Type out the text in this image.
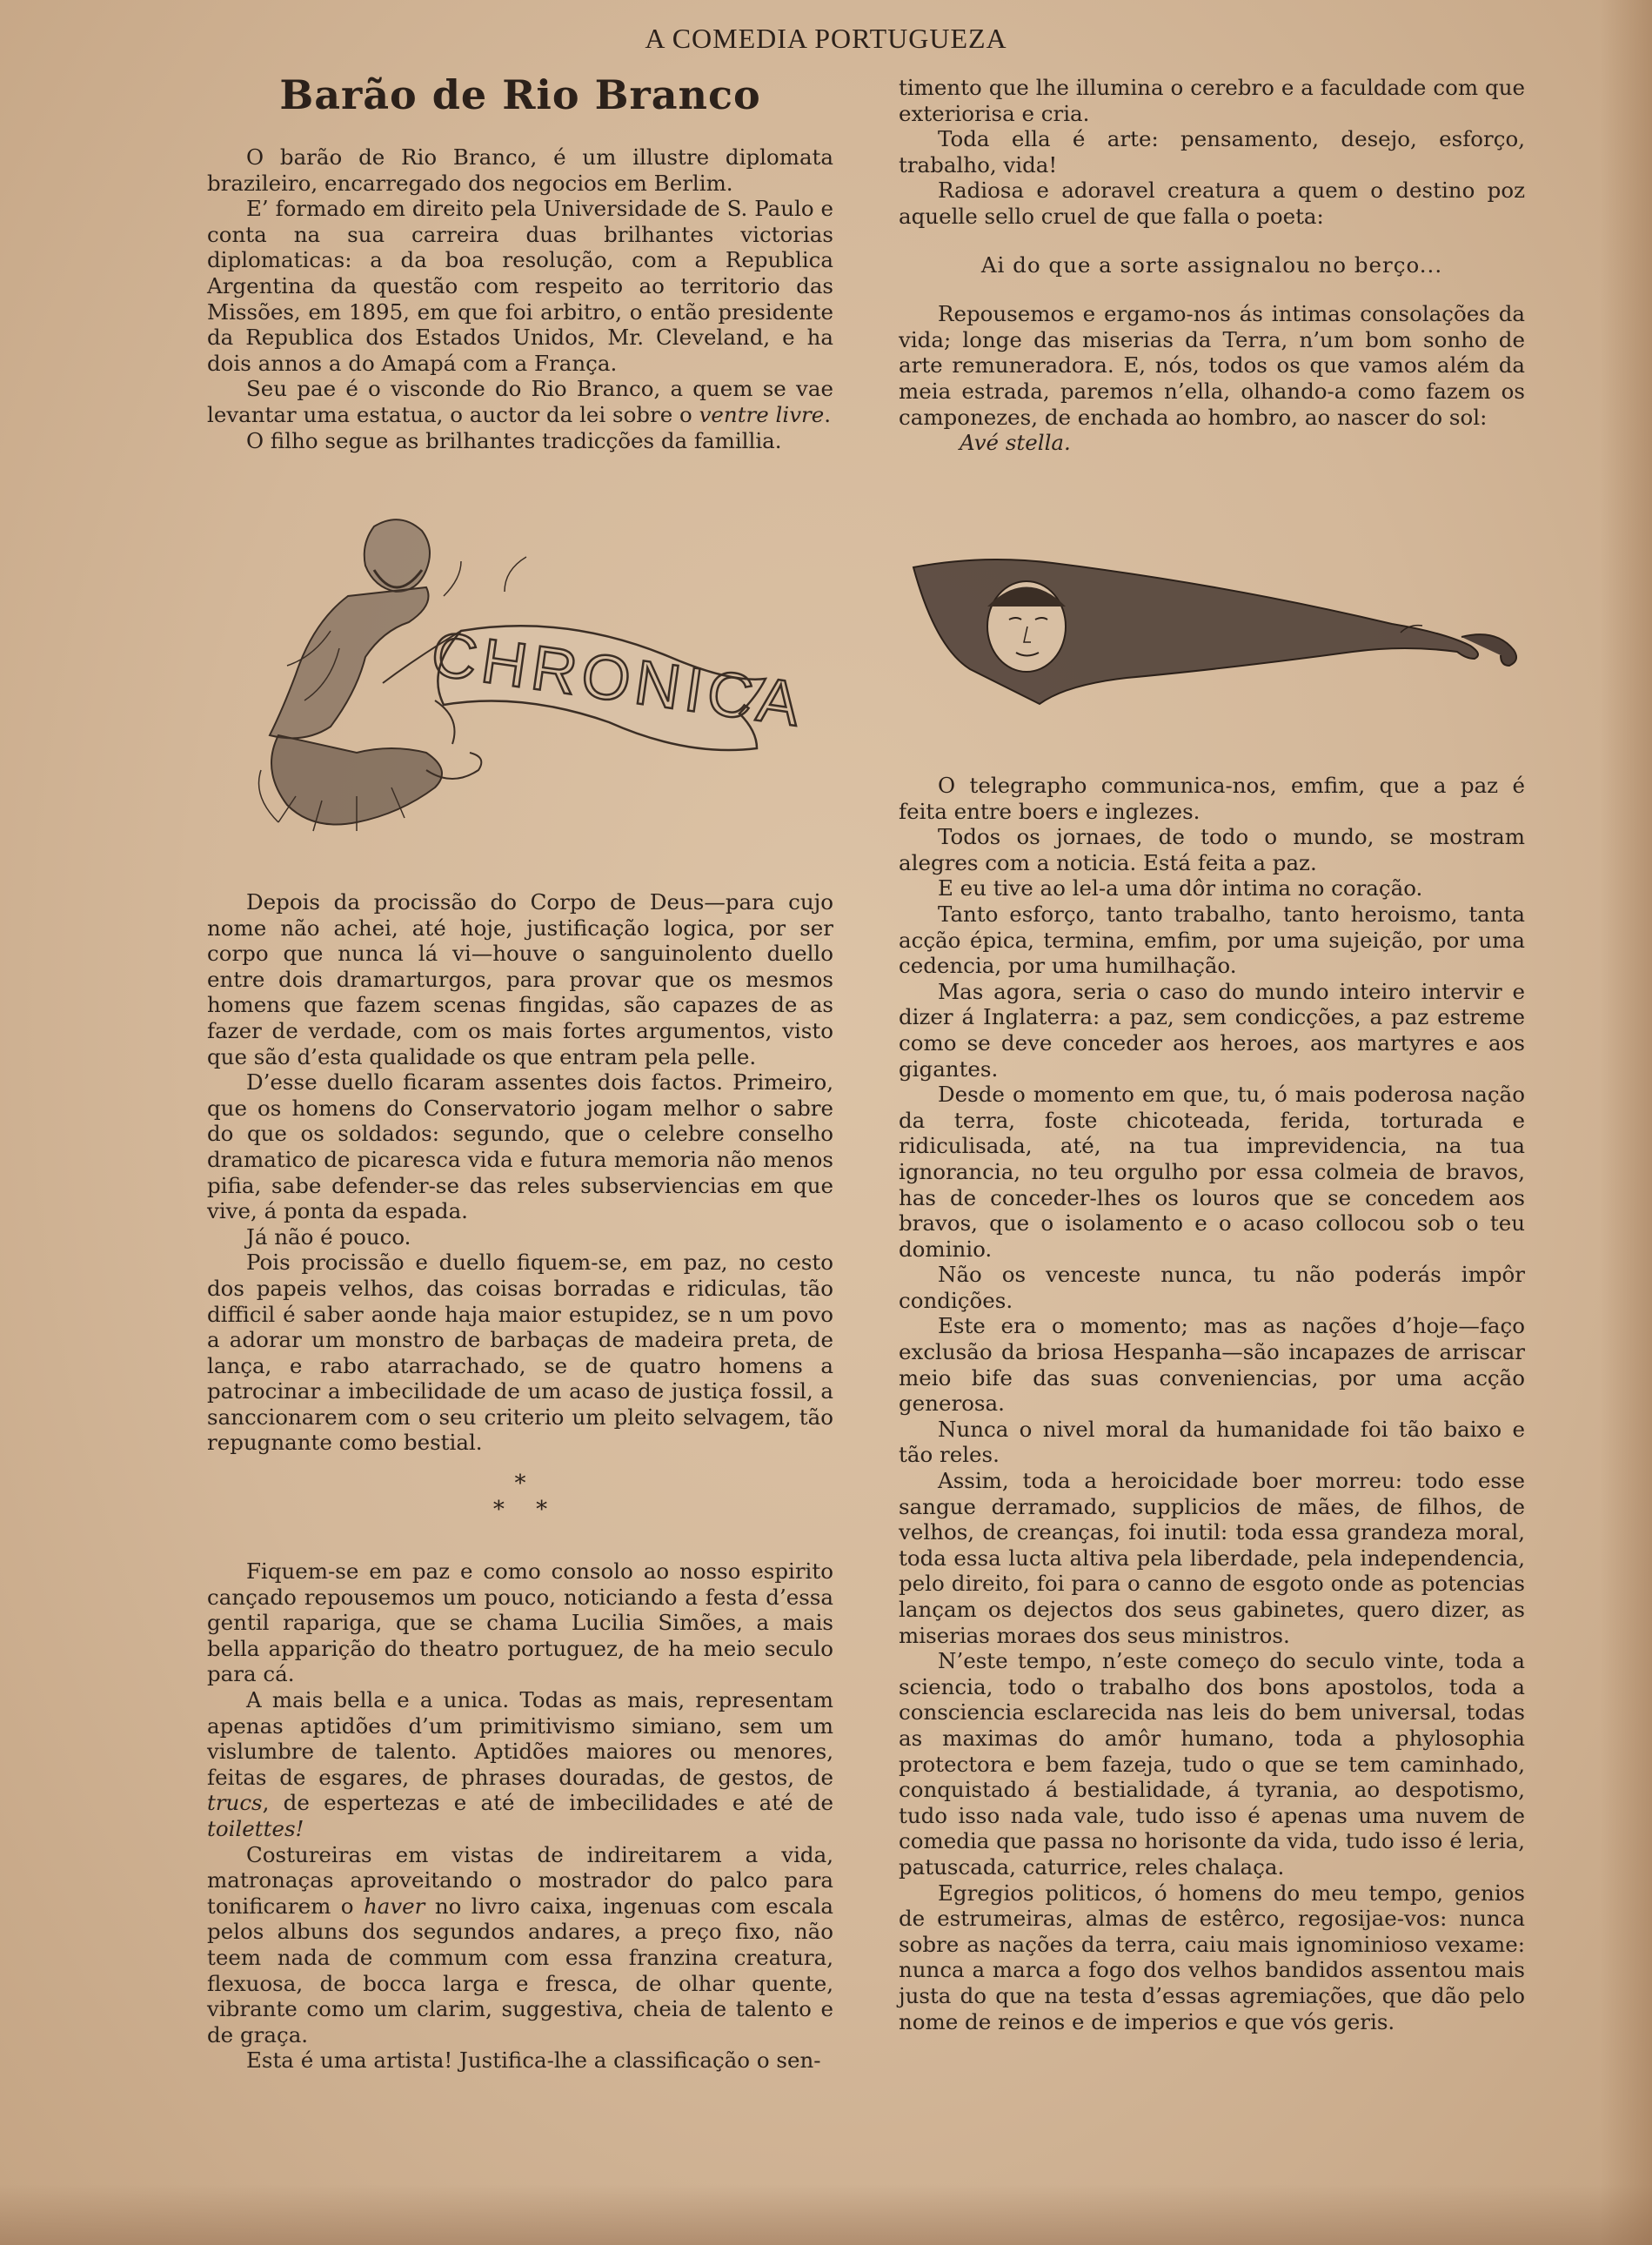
A COMEDIA PORTUGUEZA
Barão de Rio Branco

O barão de Rio Branco, é um illustre diplomata brazileiro, encarregado dos negocios em Berlim.

E’ formado em direito pela Universidade de S. Paulo e conta na sua carreira duas brilhantes victorias diplomaticas: a da boa resolução, com a Republica Argentina da questão com respeito ao territorio das Missões, em 1895, em que foi arbitro, o então presidente da Republica dos Estados Unidos, Mr. Cleveland, e ha dois annos a do Amapá com a França.

Seu pae é o visconde do Rio Branco, a quem se vae levantar uma estatua, o auctor da lei sobre o ventre livre.

O filho segue as brilhantes tradicções da famillia.

CHRONICA

Depois da procissão do Corpo de Deus—para cujo nome não achei, até hoje, justificação logica, por ser corpo que nunca lá vi—houve o sanguinolento duello entre dois dramarturgos, para provar que os mesmos homens que fazem scenas fingidas, são capazes de as fazer de verdade, com os mais fortes argumentos, visto que são d’esta qualidade os que entram pela pelle.

D’esse duello ficaram assentes dois factos. Primeiro, que os homens do Conservatorio jogam melhor o sabre do que os soldados: segundo, que o celebre conselho dramatico de picaresca vida e futura memoria não menos pifia, sabe defender-se das reles subserviencias em que vive, á ponta da espada.

Já não é pouco.

Pois procissão e duello fiquem-se, em paz, no cesto dos papeis velhos, das coisas borradas e ridiculas, tão difficil é saber aonde haja maior estupidez, se n um povo a adorar um monstro de barbaças de madeira preta, de lança, e rabo atarrachado, se de quatro homens a patrocinar a imbecilidade de um acaso de justiça fossil, a sanccionarem com o seu criterio um pleito selvagem, tão repugnante como bestial.

*
* *

Fiquem-se em paz e como consolo ao nosso espirito cançado repousemos um pouco, noticiando a festa d’essa gentil rapariga, que se chama Lucilia Simões, a mais bella apparição do theatro portuguez, de ha meio seculo para cá.

A mais bella e a unica. Todas as mais, representam apenas aptidões d’um primitivismo simiano, sem um vislumbre de talento. Aptidões maiores ou menores, feitas de esgares, de phrases douradas, de gestos, de trucs, de espertezas e até de imbecilidades e até de toilettes!

Costureiras em vistas de indireitarem a vida, matronaças aproveitando o mostrador do palco para tonificarem o haver no livro caixa, ingenuas com escala pelos albuns dos segundos andares, a preço fixo, não teem nada de commum com essa franzina creatura, flexuosa, de bocca larga e fresca, de olhar quente, vibrante como um clarim, suggestiva, cheia de talento e de graça.

Esta é uma artista! Justifica-lhe a classificação o sen-

timento que lhe illumina o cerebro e a faculdade com que exteriorisa e cria.

Toda ella é arte: pensamento, desejo, esforço, trabalho, vida!

Radiosa e adoravel creatura a quem o destino poz aquelle sello cruel de que falla o poeta:

Ai do que a sorte assignalou no berço...

Repousemos e ergamo-nos ás intimas consolações da vida; longe das miserias da Terra, n’um bom sonho de arte remuneradora. E, nós, todos os que vamos além da meia estrada, paremos n’ella, olhando-a como fazem os camponezes, de enchada ao hombro, ao nascer do sol:

Avé stella.

O telegrapho communica-nos, emfim, que a paz é feita entre boers e inglezes.

Todos os jornaes, de todo o mundo, se mostram alegres com a noticia. Está feita a paz.

E eu tive ao lel-a uma dôr intima no coração.

Tanto esforço, tanto trabalho, tanto heroismo, tanta acção épica, termina, emfim, por uma sujeição, por uma cedencia, por uma humilhação.

Mas agora, seria o caso do mundo inteiro intervir e dizer á Inglaterra: a paz, sem condicções, a paz estreme como se deve conceder aos heroes, aos martyres e aos gigantes.

Desde o momento em que, tu, ó mais poderosa nação da terra, foste chicoteada, ferida, torturada e ridiculisada, até, na tua imprevidencia, na tua ignorancia, no teu orgulho por essa colmeia de bravos, has de conceder-lhes os louros que se concedem aos bravos, que o isolamento e o acaso collocou sob o teu dominio.

Não os venceste nunca, tu não poderás impôr condições.

Este era o momento; mas as nações d’hoje—faço exclusão da briosa Hespanha—são incapazes de arriscar meio bife das suas conveniencias, por uma acção generosa.

Nunca o nivel moral da humanidade foi tão baixo e tão reles.

Assim, toda a heroicidade boer morreu: todo esse sangue derramado, supplicios de mães, de filhos, de velhos, de creanças, foi inutil: toda essa grandeza moral, toda essa lucta altiva pela liberdade, pela independencia, pelo direito, foi para o canno de esgoto onde as potencias lançam os dejectos dos seus gabinetes, quero dizer, as miserias moraes dos seus ministros.

N’este tempo, n’este começo do seculo vinte, toda a sciencia, todo o trabalho dos bons apostolos, toda a consciencia esclarecida nas leis do bem universal, todas as maximas do amôr humano, toda a phylosophia protectora e bem fazeja, tudo o que se tem caminhado, conquistado á bestialidade, á tyrania, ao despotismo, tudo isso nada vale, tudo isso é apenas uma nuvem de comedia que passa no horisonte da vida, tudo isso é leria, patuscada, caturrice, reles chalaça.

Egregios politicos, ó homens do meu tempo, genios de estrumeiras, almas de estêrco, regosijae-vos: nunca sobre as nações da terra, caiu mais ignominioso vexame: nunca a marca a fogo dos velhos bandidos assentou mais justa do que na testa d’essas agremiações, que dão pelo nome de reinos e de imperios e que vós geris.
